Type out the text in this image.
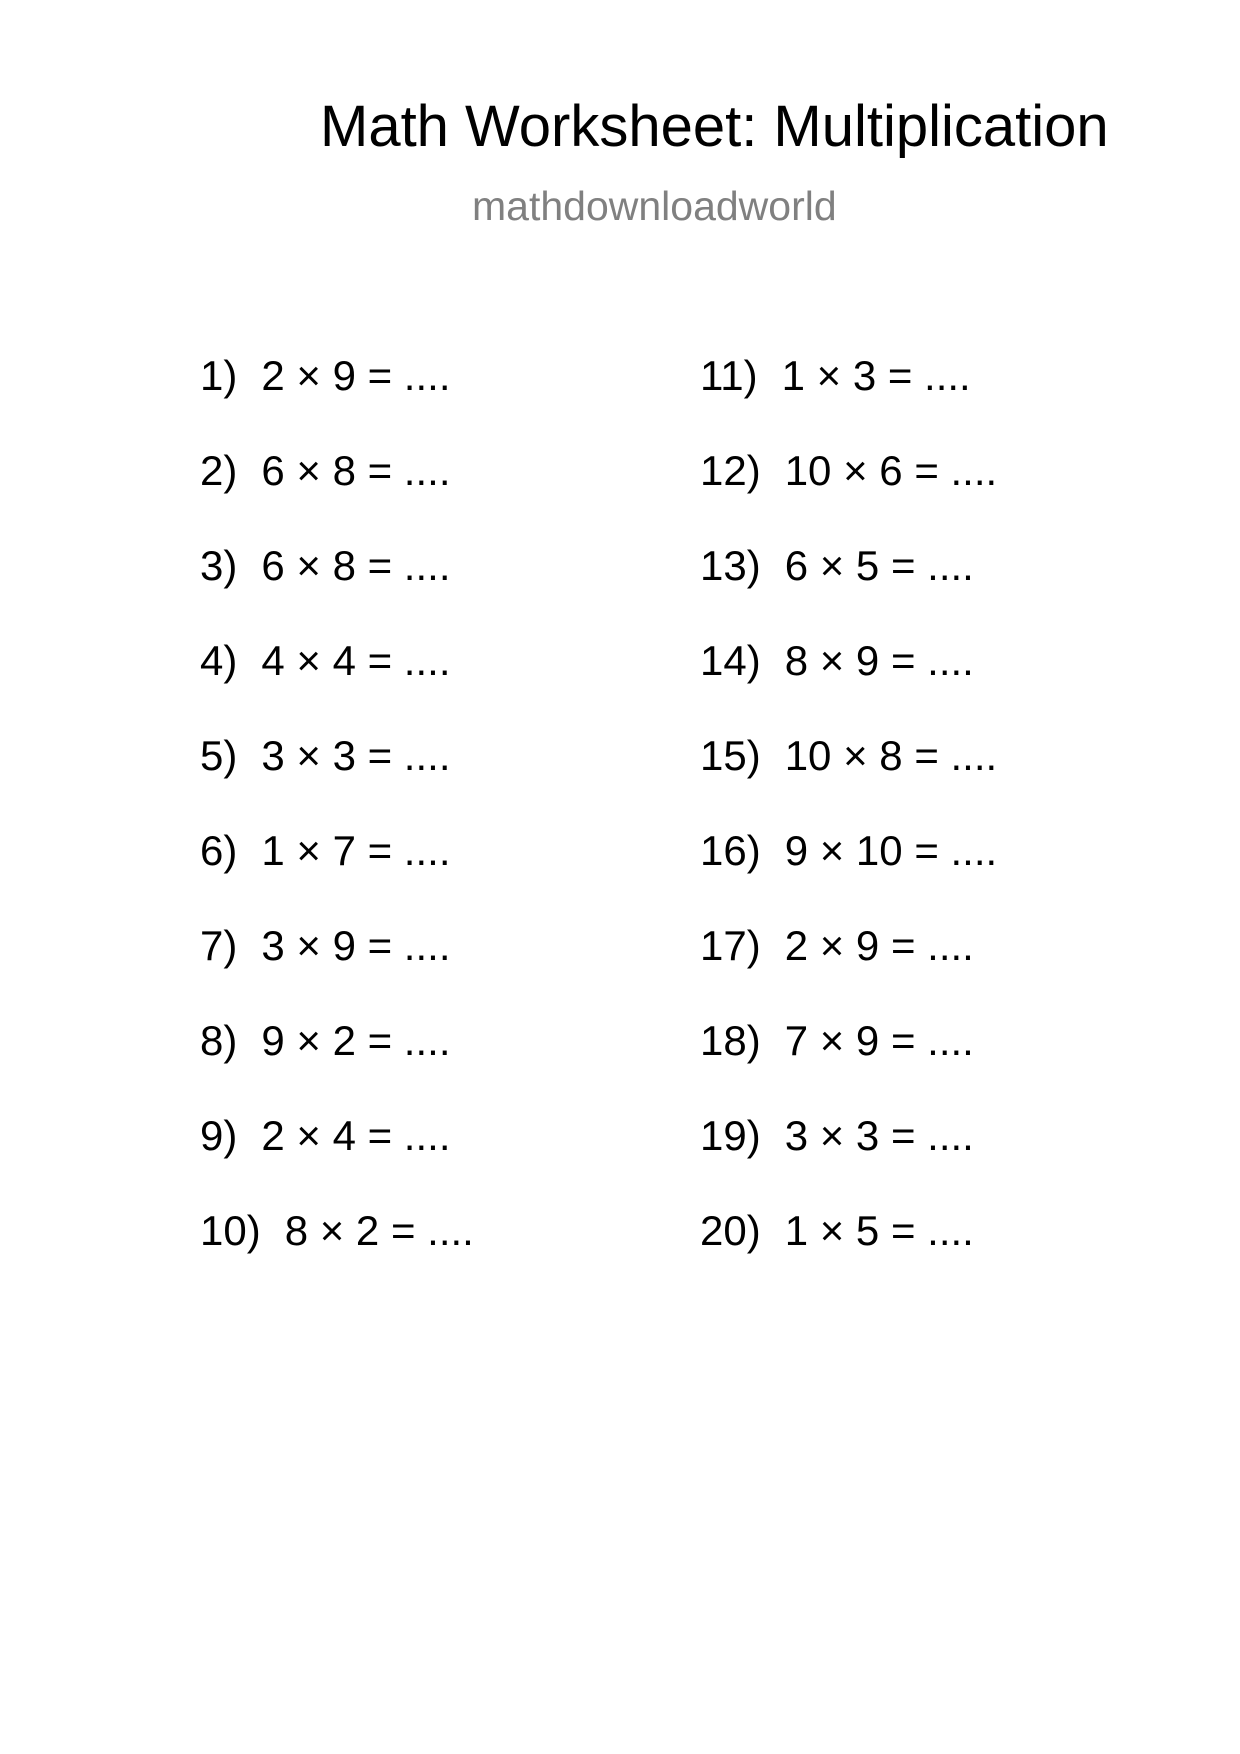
Math Worksheet: Multiplication
mathdownloadworld
1) 2 × 9 = ....
2) 6 × 8 = ....
3) 6 × 8 = ....
4) 4 × 4 = ....
5) 3 × 3 = ....
6) 1 × 7 = ....
7) 3 × 9 = ....
8) 9 × 2 = ....
9) 2 × 4 = ....
10) 8 × 2 = ....
11) 1 × 3 = ....
12) 10 × 6 = ....
13) 6 × 5 = ....
14) 8 × 9 = ....
15) 10 × 8 = ....
16) 9 × 10 = ....
17) 2 × 9 = ....
18) 7 × 9 = ....
19) 3 × 3 = ....
20) 1 × 5 = ....
